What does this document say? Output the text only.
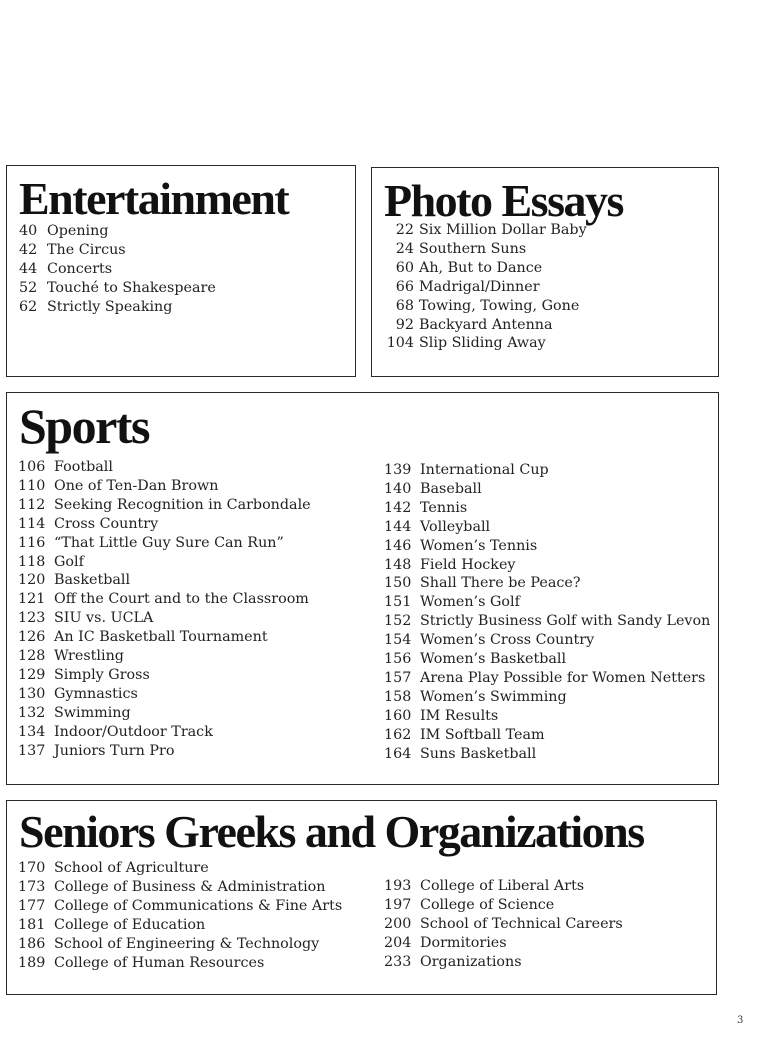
Entertainment
40 Opening
42 The Circus
44 Concerts
52 Touché to Shakespeare
62 Strictly Speaking
Photo Essays
22 Six Million Dollar Baby
24 Southern Suns
60 Ah, But to Dance
66 Madrigal/Dinner
68 Towing, Towing, Gone
92 Backyard Antenna
104 Slip Sliding Away
Sports
106 Football
110 One of Ten-Dan Brown
112 Seeking Recognition in Carbondale
114 Cross Country
116 “That Little Guy Sure Can Run”
118 Golf
120 Basketball
121 Off the Court and to the Classroom
123 SIU vs. UCLA
126 An IC Basketball Tournament
128 Wrestling
129 Simply Gross
130 Gymnastics
132 Swimming
134 Indoor/Outdoor Track
137 Juniors Turn Pro
139 International Cup
140 Baseball
142 Tennis
144 Volleyball
146 Women’s Tennis
148 Field Hockey
150 Shall There be Peace?
151 Women’s Golf
152 Strictly Business Golf with Sandy Levon
154 Women’s Cross Country
156 Women’s Basketball
157 Arena Play Possible for Women Netters
158 Women’s Swimming
160 IM Results
162 IM Softball Team
164 Suns Basketball
Seniors Greeks and Organizations
170 School of Agriculture
173 College of Business & Administration
177 College of Communications & Fine Arts
181 College of Education
186 School of Engineering & Technology
189 College of Human Resources
193 College of Liberal Arts
197 College of Science
200 School of Technical Careers
204 Dormitories
233 Organizations
3
